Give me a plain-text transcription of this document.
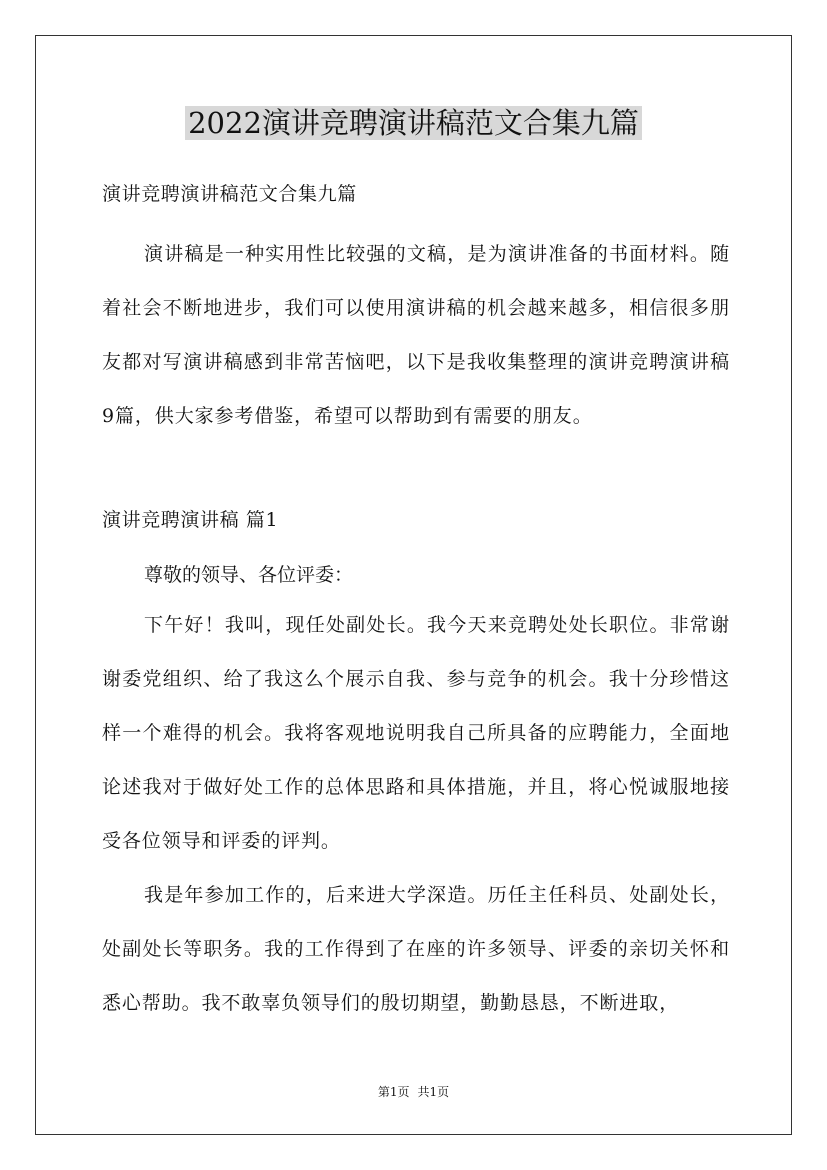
2022演讲竞聘演讲稿范文合集九篇

演讲竞聘演讲稿范文合集九篇

演讲稿是一种实用性比较强的文稿，是为演讲准备的书面材料。随着社会不断地进步，我们可以使用演讲稿的机会越来越多，相信很多朋友都对写演讲稿感到非常苦恼吧，以下是我收集整理的演讲竞聘演讲稿9篇，供大家参考借鉴，希望可以帮助到有需要的朋友。

演讲竞聘演讲稿 篇1

尊敬的领导、各位评委：

下午好！我叫，现任处副处长。我今天来竞聘处处长职位。非常谢谢委党组织、给了我这么个展示自我、参与竞争的机会。我十分珍惜这样一个难得的机会。我将客观地说明我自己所具备的应聘能力，全面地论述我对于做好处工作的总体思路和具体措施，并且，将心悦诚服地接受各位领导和评委的评判。

我是年参加工作的，后来进大学深造。历任主任科员、处副处长，处副处长等职务。我的工作得到了在座的许多领导、评委的亲切关怀和悉心帮助。我不敢辜负领导们的殷切期望，勤勤恳恳，不断进取，

第1页 共1页
